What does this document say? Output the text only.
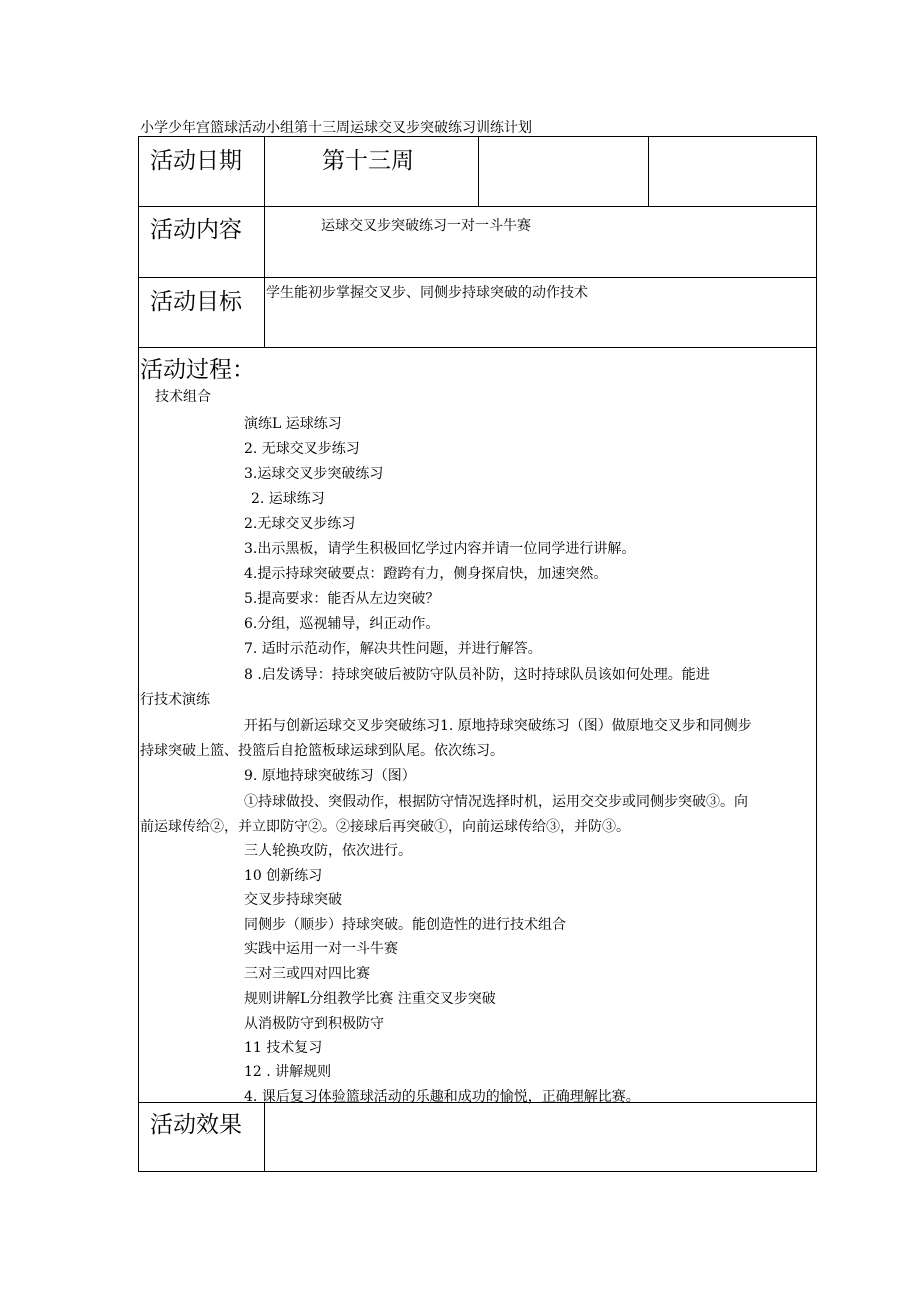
小学少年宫篮球活动小组第十三周运球交叉步突破练习训练计划
活动日期	第十三周
活动内容	运球交叉步突破练习一对一斗牛赛
活动目标 学生能初步掌握交叉步、同侧步持球突破的动作技术
活动过程：
技术组合
演练L 运球练习
2. 无球交叉步练习
3.运球交叉步突破练习
2. 运球练习
2.无球交叉步练习
3.出示黑板，请学生积极回忆学过内容并请一位同学进行讲解。
4.提示持球突破要点：蹬跨有力，侧身探肩快，加速突然。
5.提高要求：能否从左边突破？
6.分组，巡视辅导，纠正动作。
7. 适时示范动作，解决共性问题，并进行解答。
8 .启发诱导：持球突破后被防守队员补防，这时持球队员该如何处理。能进
行技术演练
开拓与创新运球交叉步突破练习1. 原地持球突破练习（图）做原地交叉步和同侧步
持球突破上篮、投篮后自抢篮板球运球到队尾。依次练习。
9. 原地持球突破练习（图）
①持球做投、突假动作，根据防守情况选择时机，运用交交步或同侧步突破③。向
前运球传给②，并立即防守②。②接球后再突破①，向前运球传给③，并防③。
三人轮换攻防，依次进行。
10 创新练习
交叉步持球突破
同侧步（顺步）持球突破。能创造性的进行技术组合
实践中运用一对一斗牛赛
三对三或四对四比赛
规则讲解L分组教学比赛 注重交叉步突破
从消极防守到积极防守
11 技术复习
12 . 讲解规则
4. 课后复习体验篮球活动的乐趣和成功的愉悦，正确理解比赛。
活动效果
